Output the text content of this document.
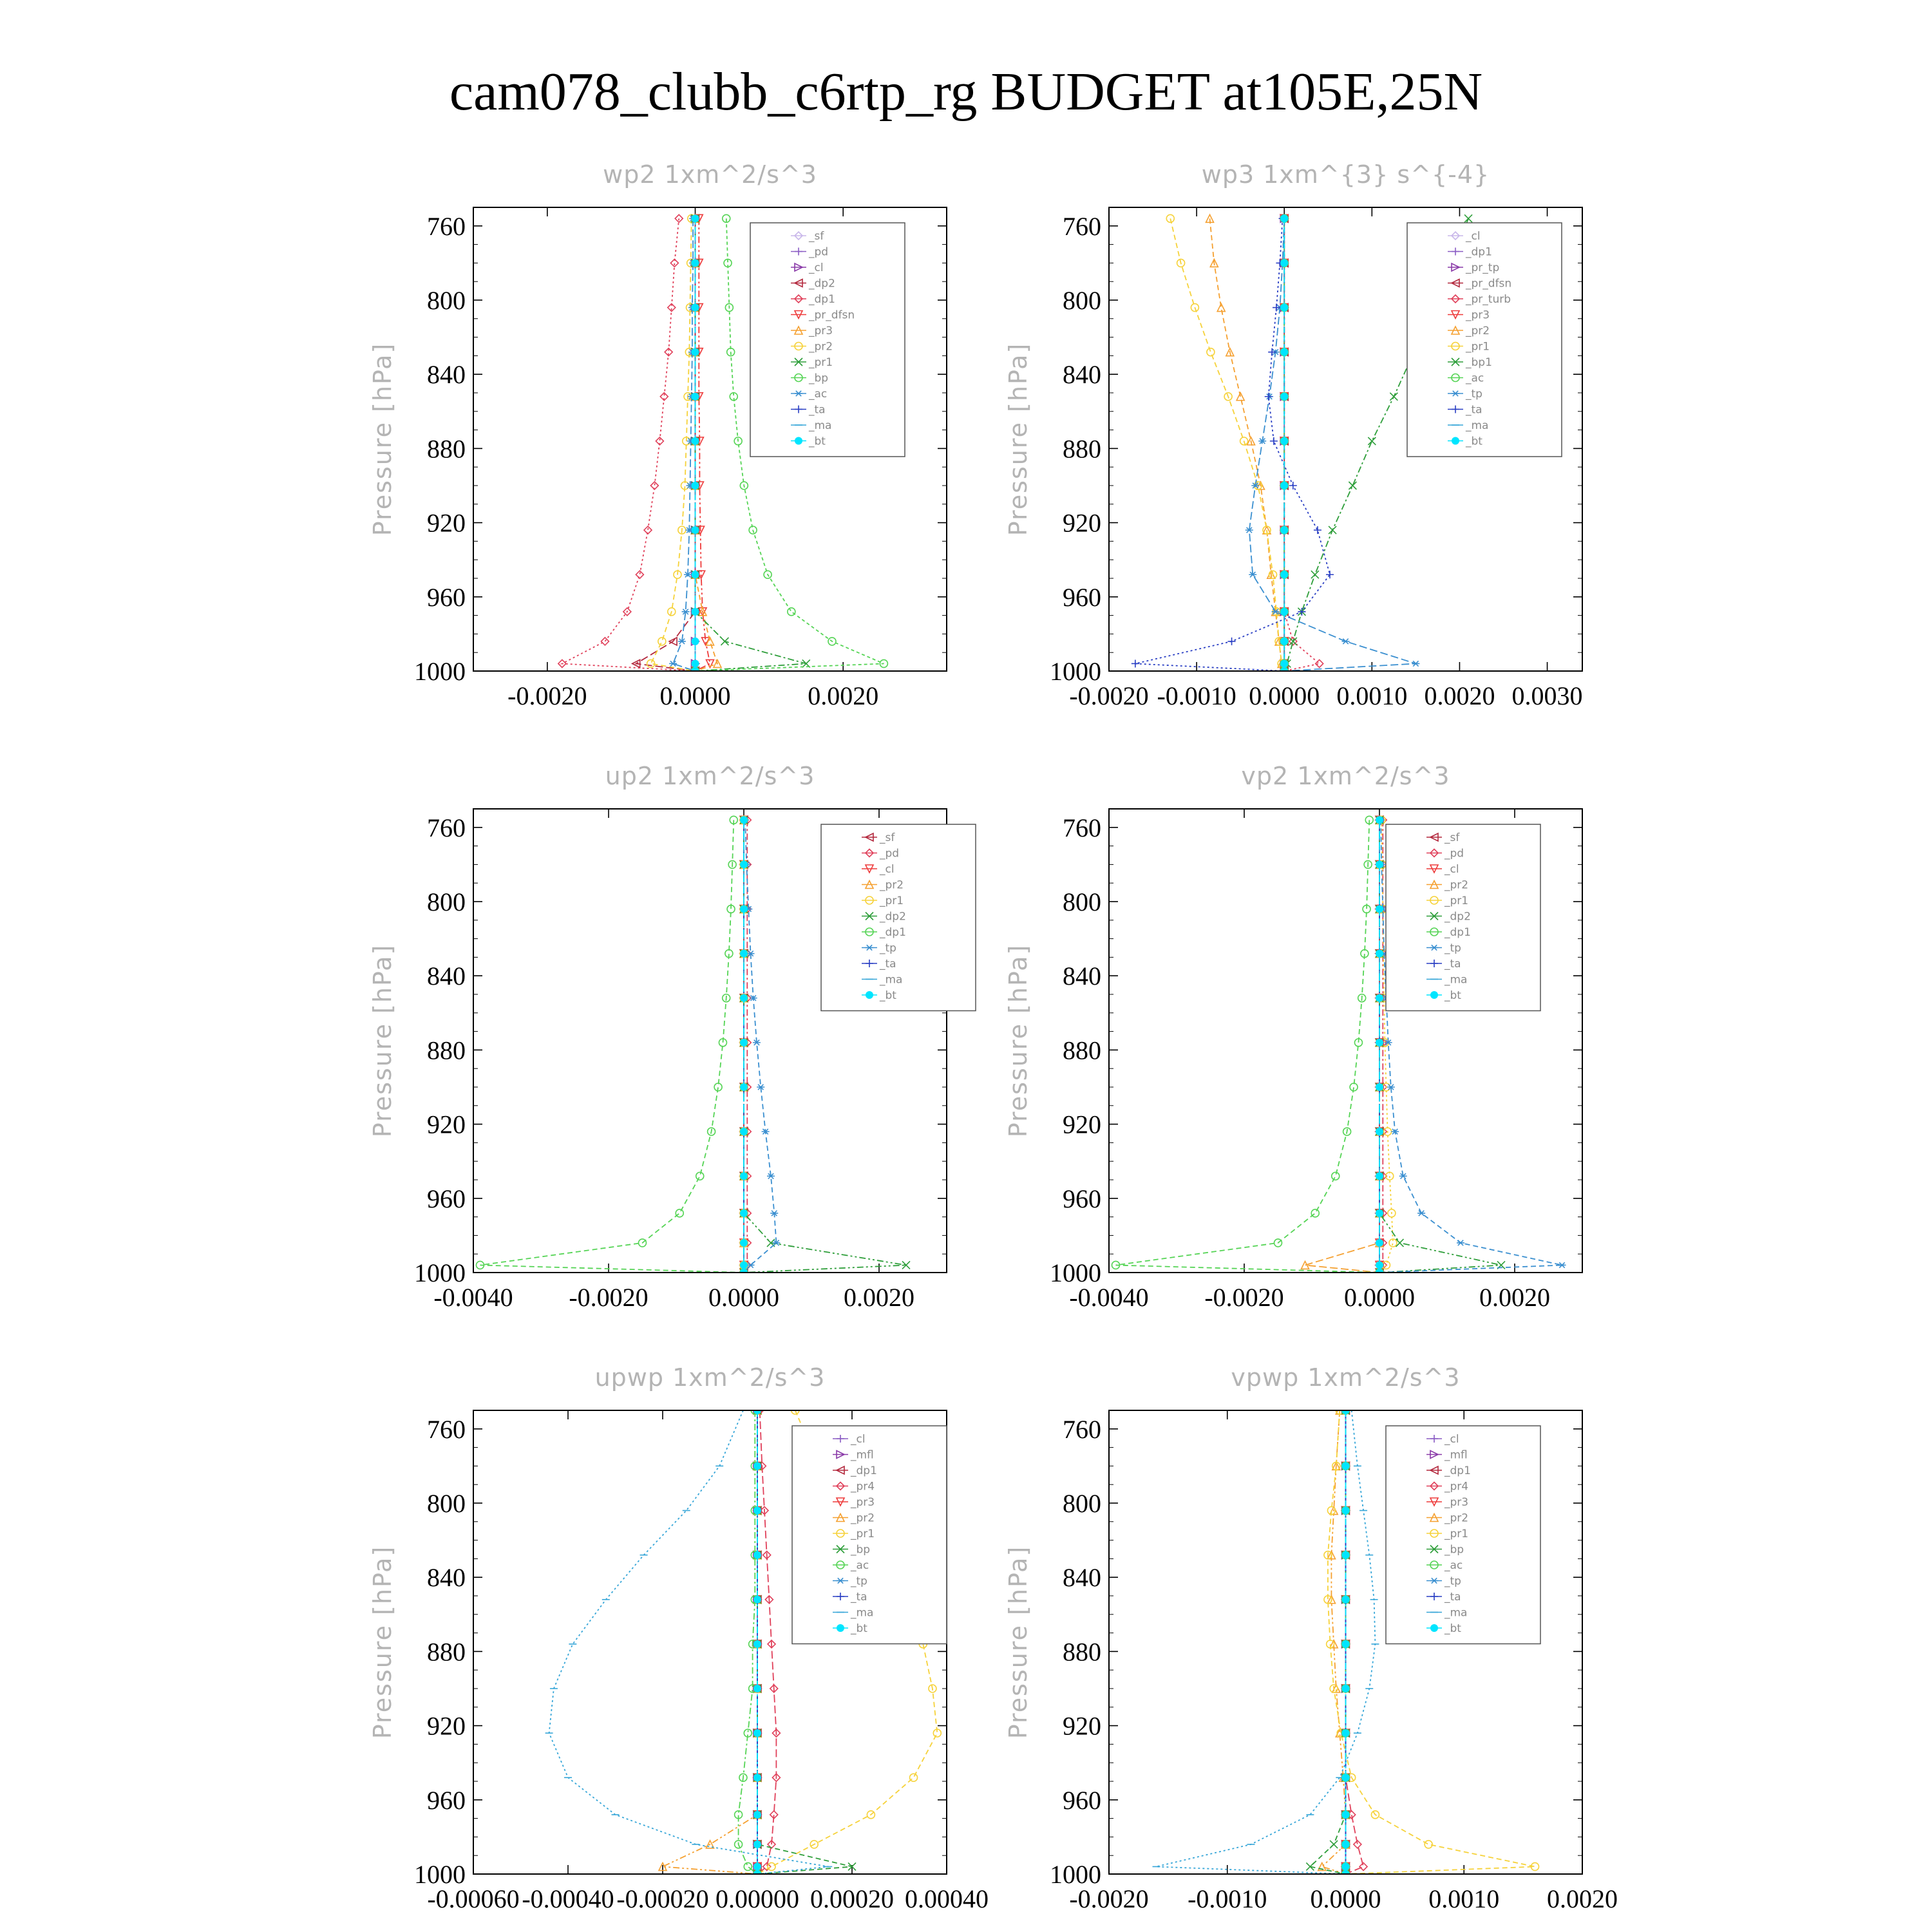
cam078_clubb_c6rtp_rg BUDGET at105E,25N
wp2 1xm^2/s^3
Pressure [hPa]
760
800
840
880
920
960
1000
-0.0020	0.0000	0.0020
_sf
_pd
_cl
_dp2
_dp1
_pr_dfsn
_pr3
_pr2
_pr1
_bp
_ac
_ta
_ma
_bt
wp3 1xm^{3} s^{-4}
Pressure [hPa]
760
800
840
880
920
960
1000
-0.0020 -0.0010 0.0000 0.0010 0.0020 0.0030
_cl
_dp1
_pr_tp
_pr_dfsn
_pr_turb
_pr3
_pr2
_pr1
_bp1
_ac
_tp
_ta
_ma
_bt
up2 1xm^2/s^3
Pressure [hPa]
760
800
840
880
920
960
1000
-0.0040 -0.0020 0.0000	0.0020
_sf
_pd
_cl
_pr2
_pr1
_dp2
_dp1
_tp
_ta
_ma
_bt
vp2 1xm^2/s^3
Pressure [hPa]
760
800
840
880
920
960
1000
-0.0040 -0.0020 0.0000	0.0020
_sf
_pd
_cl
_pr2
_pr1
_dp2
_dp1
_tp
_ta
_ma
_bt
upwp 1xm^2/s^3
Pressure [hPa]
760
800
840
880
920
960
1000
-0.00060 -0.00040 -0.00020 0.00000 0.00020 0.00040
_cl
_mfl
_dp1
_pr4
_pr3
_pr2
_pr1
_bp
_ac
_tp
_ta
_ma
_bt
vpwp 1xm^2/s^3
Pressure [hPa]
760
800
840
880
920
960
1000
-0.0020 -0.0010 0.0000 0.0010 0.0020
_cl
_mfl
_dp1
_pr4
_pr3
_pr2
_pr1
_bp
_ac
_tp
_ta
_ma
_bt
